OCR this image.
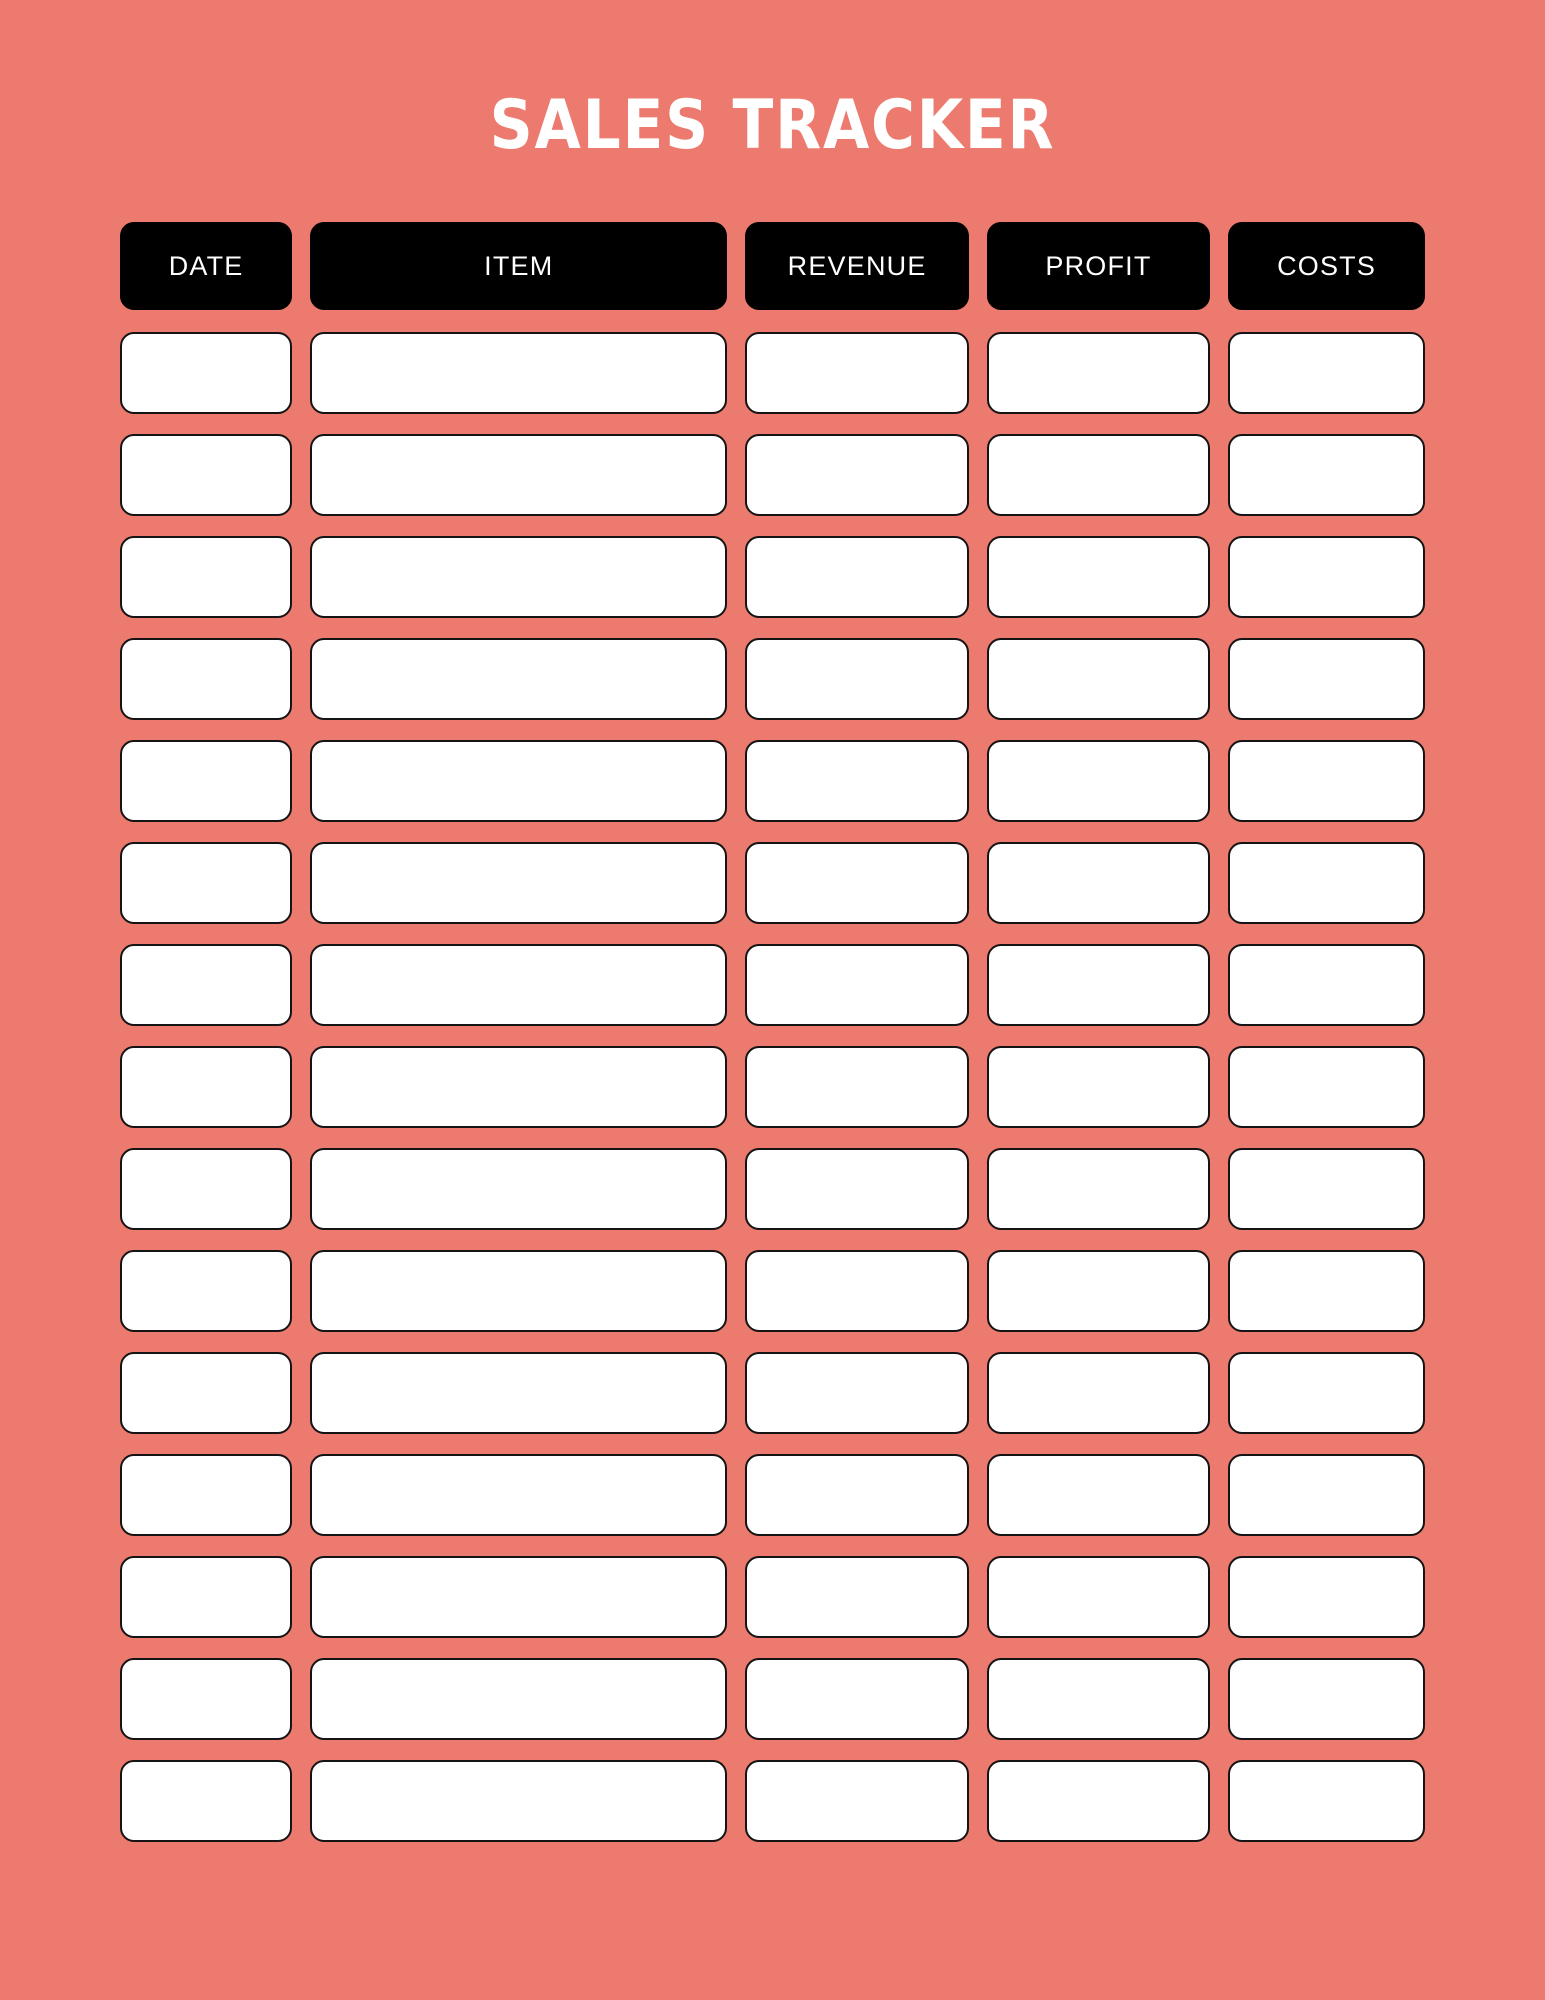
SALES TRACKER
DATE	ITEM	REVENUE	PROFIT	COSTS
